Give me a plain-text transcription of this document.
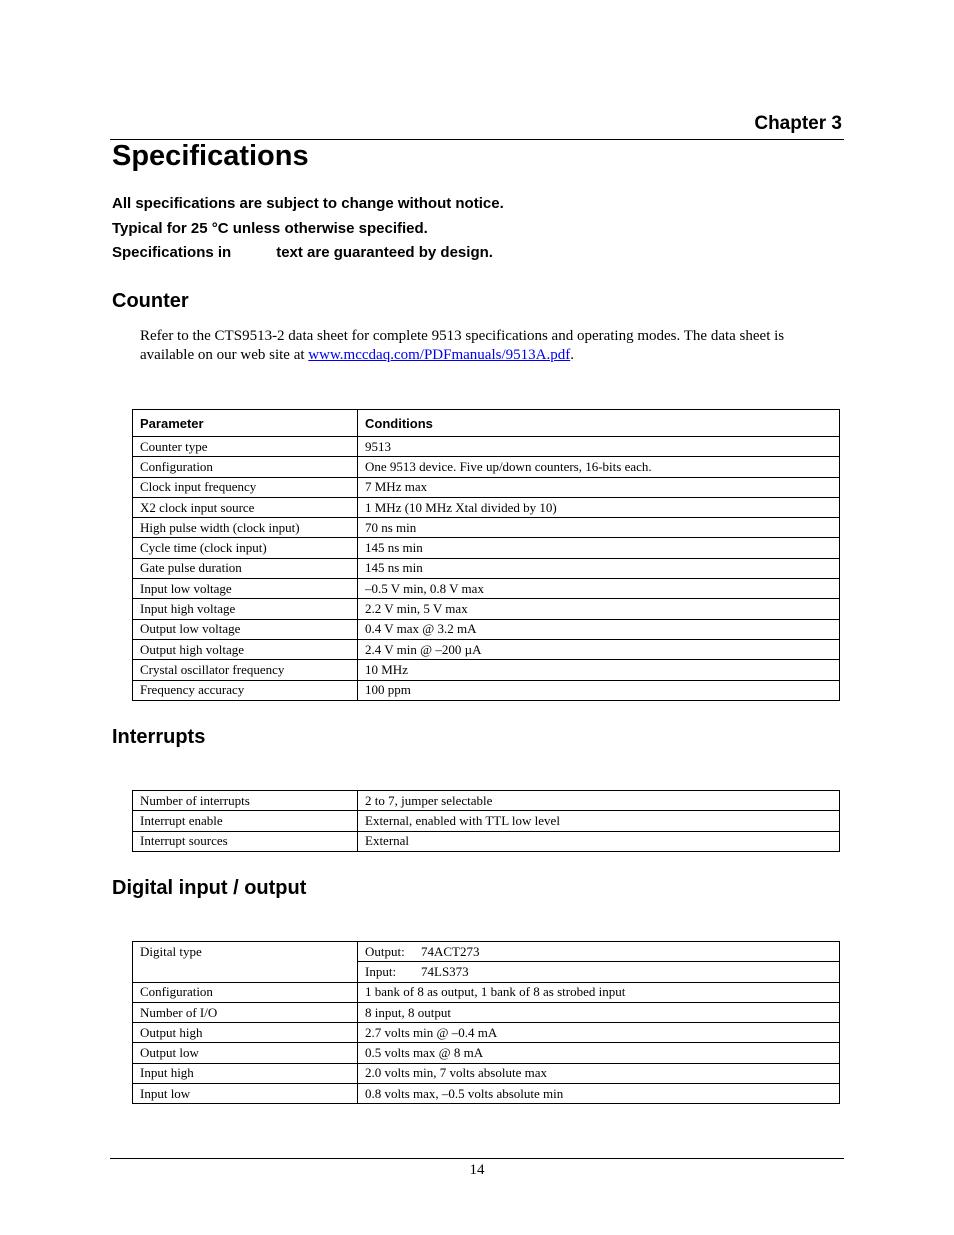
Chapter 3
Specifications
All specifications are subject to change without notice.
Typical for 25 °C unless otherwise specified.
Specifications in	text are guaranteed by design.
Counter
Refer to the CTS9513-2 data sheet for complete 9513 specifications and operating modes. The data sheet is available on our web site at www.mccdaq.com/PDFmanuals/9513A.pdf.
Parameter	Conditions
Counter type	9513
Configuration	One 9513 device. Five up/down counters, 16-bits each.
Clock input frequency	7 MHz max
X2 clock input source	1 MHz (10 MHz Xtal divided by 10)
High pulse width (clock input)	70 ns min
Cycle time (clock input)	145 ns min
Gate pulse duration	145 ns min
Input low voltage	–0.5 V min, 0.8 V max
Input high voltage	2.2 V min, 5 V max
Output low voltage	0.4 V max @ 3.2 mA
Output high voltage	2.4 V min @ –200 µA
Crystal oscillator frequency	10 MHz
Frequency accuracy	100 ppm
Interrupts
Number of interrupts	2 to 7, jumper selectable
Interrupt enable	External, enabled with TTL low level
Interrupt sources	External
Digital input / output
Digital type	Output: 74ACT273
	Input: 74LS373
Configuration	1 bank of 8 as output, 1 bank of 8 as strobed input
Number of I/O	8 input, 8 output
Output high	2.7 volts min @ –0.4 mA
Output low	0.5 volts max @ 8 mA
Input high	2.0 volts min, 7 volts absolute max
Input low	0.8 volts max, –0.5 volts absolute min
14
